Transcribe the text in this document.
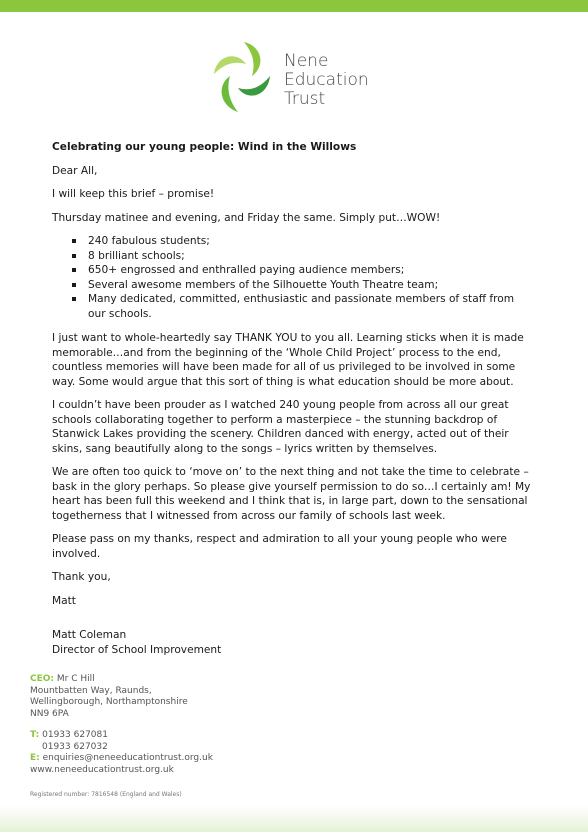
Nene
Education
Trust
Celebrating our young people: Wind in the Willows
Dear All,
I will keep this brief – promise!
Thursday matinee and evening, and Friday the same. Simply put…WOW!
240 fabulous students;
8 brilliant schools;
650+ engrossed and enthralled paying audience members;
Several awesome members of the Silhouette Youth Theatre team;
Many dedicated, committed, enthusiastic and passionate members of staff from our schools.
I just want to whole-heartedly say THANK YOU to you all. Learning sticks when it is made memorable…and from the beginning of the ‘Whole Child Project’ process to the end, countless memories will have been made for all of us privileged to be involved in some way. Some would argue that this sort of thing is what education should be more about.
I couldn’t have been prouder as I watched 240 young people from across all our great schools collaborating together to perform a masterpiece – the stunning backdrop of Stanwick Lakes providing the scenery. Children danced with energy, acted out of their skins, sang beautifully along to the songs – lyrics written by themselves.
We are often too quick to ‘move on’ to the next thing and not take the time to celebrate – bask in the glory perhaps. So please give yourself permission to do so…I certainly am! My heart has been full this weekend and I think that is, in large part, down to the sensational togetherness that I witnessed from across our family of schools last week.
Please pass on my thanks, respect and admiration to all your young people who were involved.
Thank you,
Matt
Matt Coleman
Director of School Improvement
CEO: Mr C Hill
Mountbatten Way, Raunds,
Wellingborough, Northamptonshire
NN9 6PA
T: 01933 627081
01933 627032
E: enquiries@neneeducationtrust.org.uk
www.neneeducationtrust.org.uk
Registered number: 7816548 (England and Wales)
